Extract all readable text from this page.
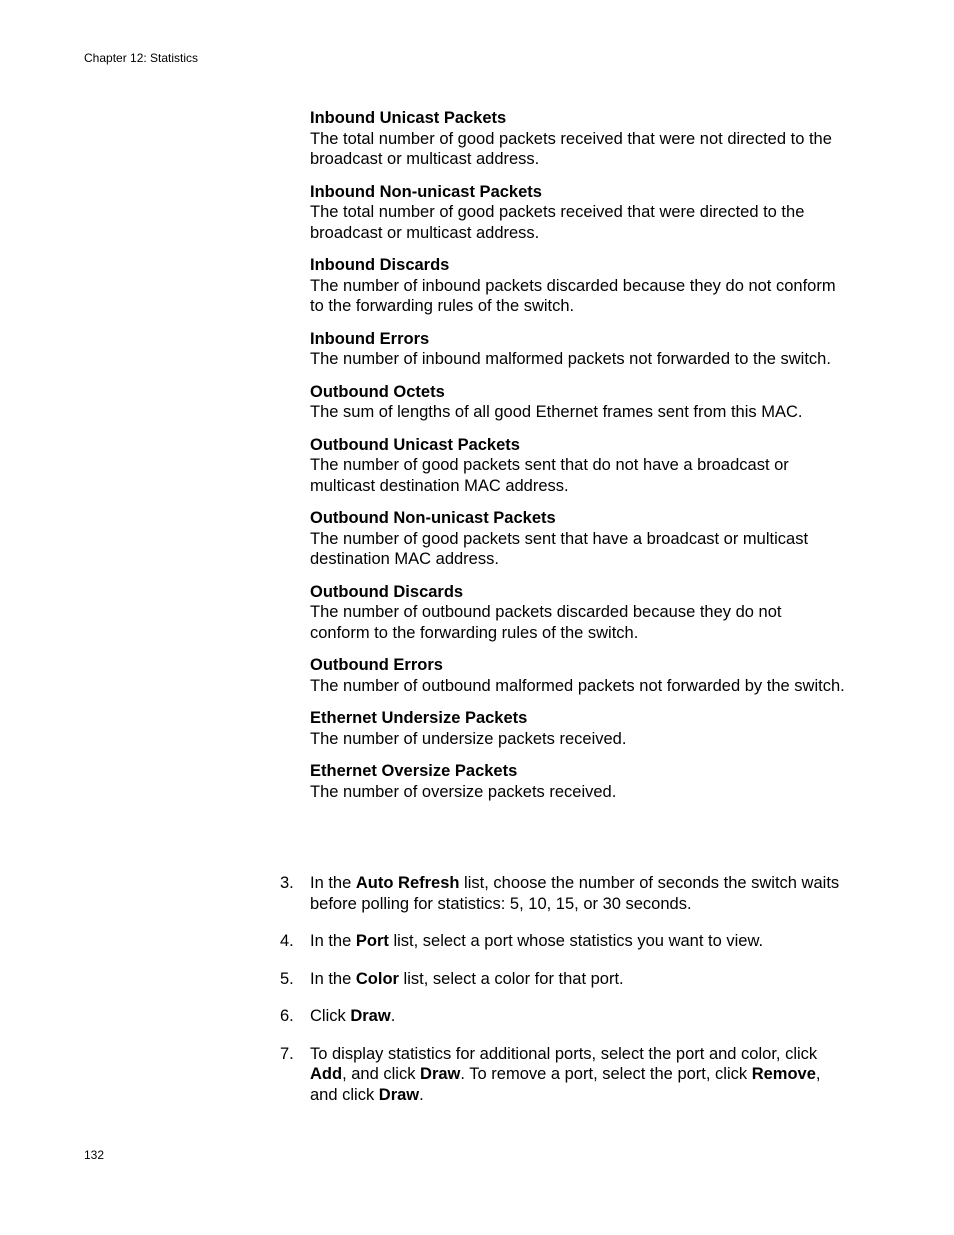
Chapter 12: Statistics
Inbound Unicast Packets
The total number of good packets received that were not directed to the broadcast or multicast address.
Inbound Non-unicast Packets
The total number of good packets received that were directed to the broadcast or multicast address.
Inbound Discards
The number of inbound packets discarded because they do not conform to the forwarding rules of the switch.
Inbound Errors
The number of inbound malformed packets not forwarded to the switch.
Outbound Octets
The sum of lengths of all good Ethernet frames sent from this MAC.
Outbound Unicast Packets
The number of good packets sent that do not have a broadcast or multicast destination MAC address.
Outbound Non-unicast Packets
The number of good packets sent that have a broadcast or multicast destination MAC address.
Outbound Discards
The number of outbound packets discarded because they do not conform to the forwarding rules of the switch.
Outbound Errors
The number of outbound malformed packets not forwarded by the switch.
Ethernet Undersize Packets
The number of undersize packets received.
Ethernet Oversize Packets
The number of oversize packets received.
3. In the Auto Refresh list, choose the number of seconds the switch waits before polling for statistics: 5, 10, 15, or 30 seconds.
4. In the Port list, select a port whose statistics you want to view.
5. In the Color list, select a color for that port.
6. Click Draw.
7. To display statistics for additional ports, select the port and color, click Add, and click Draw. To remove a port, select the port, click Remove, and click Draw.
132
